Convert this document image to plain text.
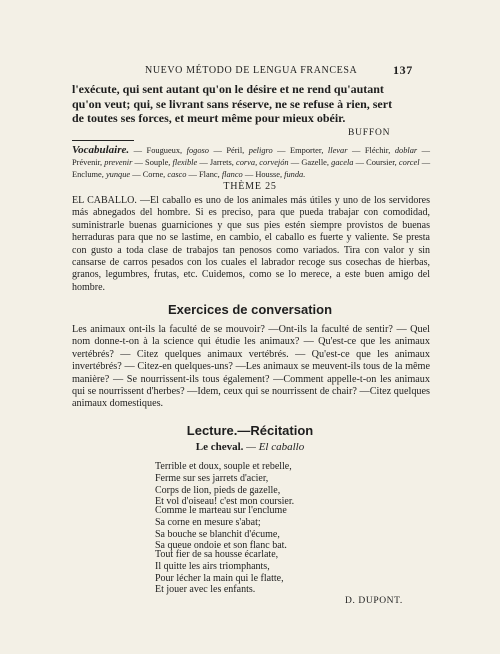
NUEVO MÉTODO DE LENGUA FRANCESA	137
l'exécute, qui sent autant qu'on le désire et ne rend qu'autant
qu'on veut; qui, se livrant sans réserve, ne se refuse à rien, sert
de toutes ses forces, et meurt même pour mieux obéir.
BUFFON
Vocabulaire. — Fougueux, fogoso — Péril, peligro — Emporter, llevar — Fléchir, doblar — Prévenir, prevenir — Souple, flexible — Jarrets, corva, corvejón — Gazelle, gacela — Coursier, corcel — Enclume, yunque — Corne, casco — Flanc, flanco — Housse, funda.
THÈME 25
EL CABALLO. —El caballo es uno de los animales más útiles y uno de los servidores más abnegados del hombre. Si es preciso, para que pueda trabajar con comodidad, suministrarle buenas guarniciones y que sus pies estén siempre provistos de buenas herraduras para que no se lastime, en cambio, el caballo es fuerte y valiente. Se presta con gusto a toda clase de trabajos tan penosos como variados. Tira con valor y sin cansarse de carros pesados con los cuales el labrador recoge sus cosechas de hierbas, granos, legumbres, frutas, etc. Cuidemos, como se lo merece, a este buen amigo del hombre.
Exercices de conversation
Les animaux ont-ils la faculté de se mouvoir? —Ont-ils la faculté de sentir? — Quel nom donne-t-on à la science qui étudie les animaux? — Qu'est-ce que les animaux vertébrés? — Citez quelques animaux vertébrés. — Qu'est-ce que les animaux invertébrés? — Citez-en quelques-uns? —Les animaux se meuvent-ils tous de la même manière? — Se nourrissent-ils tous également? —Comment appelle-t-on les animaux qui se nourrissent d'herbes? —Idem, ceux qui se nourrissent de chair? —Citez quelques animaux domestiques.
Lecture.—Récitation
Le cheval. — El caballo
Terrible et doux, souple et rebelle,
Ferme sur ses jarrets d'acier,
Corps de lion, pieds de gazelle,
Et vol d'oiseau! c'est mon coursier.
Comme le marteau sur l'enclume
Sa corne en mesure s'abat;
Sa bouche se blanchit d'écume,
Sa queue ondoie et son flanc bat.
Tout fier de sa housse écarlate,
Il quitte les airs triomphants,
Pour lécher la main qui le flatte,
Et jouer avec les enfants.
D. DUPONT.
